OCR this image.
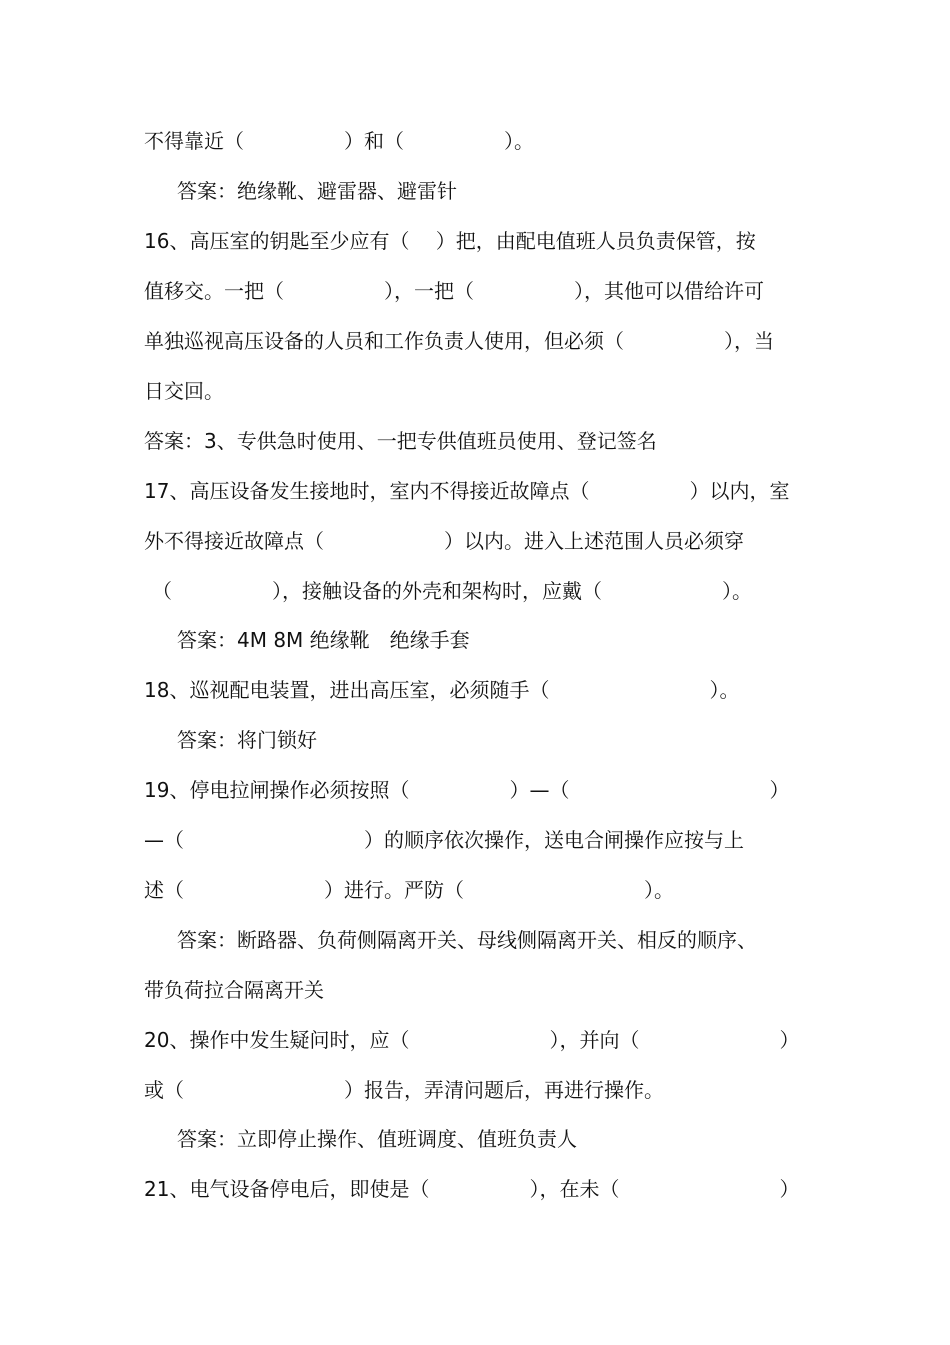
不得靠近（　　　　　）和（　　　　　）。
答案：绝缘靴、避雷器、避雷针
16、高压室的钥匙至少应有（　 ）把，由配电值班人员负责保管，按
值移交。一把（　　　　　），一把（　　　　　），其他可以借给许可
单独巡视高压设备的人员和工作负责人使用，但必须（　　　　　），当
日交回。
答案：3、专供急时使用、一把专供值班员使用、登记签名
17、高压设备发生接地时，室内不得接近故障点（　　　　　）以内，室
外不得接近故障点（　　　　　　）以内。进入上述范围人员必须穿
（　　　　　），接触设备的外壳和架构时，应戴（　　　　　　）。
答案：4M 8M 绝缘靴　绝缘手套
18、巡视配电装置，进出高压室，必须随手（　　　　　　　　）。
答案：将门锁好
19、停电拉闸操作必须按照（　　　　　）—（　　　　　　　　　　）
—（　　　　　　　　　）的顺序依次操作，送电合闸操作应按与上
述（　　　　　　　）进行。严防（　　　　　　　　　）。
答案：断路器、负荷侧隔离开关、母线侧隔离开关、相反的顺序、
带负荷拉合隔离开关
20、操作中发生疑问时，应（　　　　　　　），并向（　　　　　　　）
或（　　　　　　　　）报告，弄清问题后，再进行操作。
答案：立即停止操作、值班调度、值班负责人
21、电气设备停电后，即使是（　　　　　），在未（　　　　　　　　）
